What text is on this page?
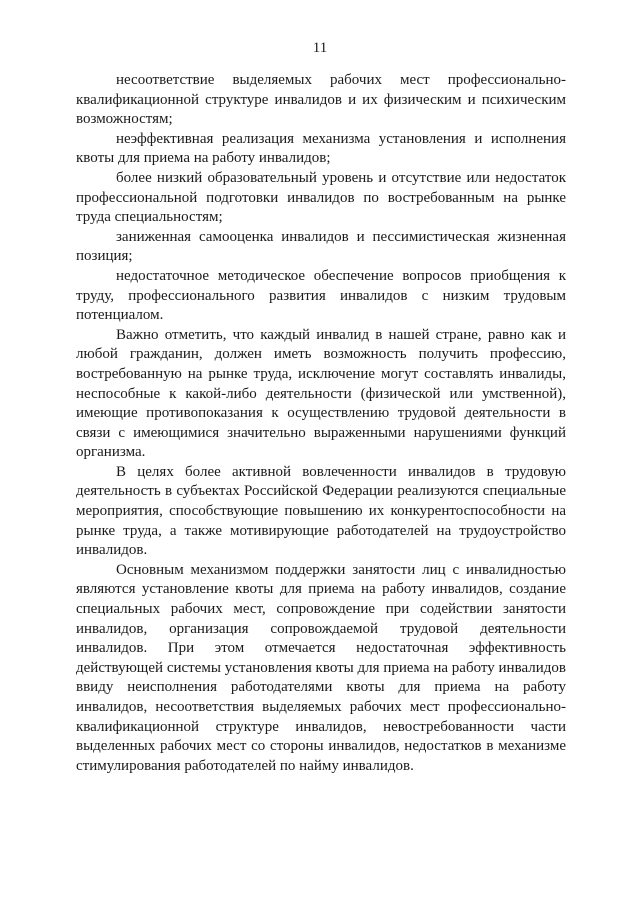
11

несоответствие выделяемых рабочих мест профессионально-квалификационной структуре инвалидов и их физическим и психическим возможностям;

неэффективная реализация механизма установления и исполнения квоты для приема на работу инвалидов;

более низкий образовательный уровень и отсутствие или недостаток профессиональной подготовки инвалидов по востребованным на рынке труда специальностям;

заниженная самооценка инвалидов и пессимистическая жизненная позиция;

недостаточное методическое обеспечение вопросов приобщения к труду, профессионального развития инвалидов с низким трудовым потенциалом.

Важно отметить, что каждый инвалид в нашей стране, равно как и любой гражданин, должен иметь возможность получить профессию, востребованную на рынке труда, исключение могут составлять инвалиды, неспособные к какой-либо деятельности (физической или умственной), имеющие противопоказания к осуществлению трудовой деятельности в связи с имеющимися значительно выраженными нарушениями функций организма.

В целях более активной вовлеченности инвалидов в трудовую деятельность в субъектах Российской Федерации реализуются специальные мероприятия, способствующие повышению их конкурентоспособности на рынке труда, а также мотивирующие работодателей на трудоустройство инвалидов.

Основным механизмом поддержки занятости лиц с инвалидностью являются установление квоты для приема на работу инвалидов, создание специальных рабочих мест, сопровождение при содействии занятости инвалидов, организация сопровождаемой трудовой деятельности инвалидов. При этом отмечается недостаточная эффективность действующей системы установления квоты для приема на работу инвалидов ввиду неисполнения работодателями квоты для приема на работу инвалидов, несоответствия выделяемых рабочих мест профессионально-квалификационной структуре инвалидов, невостребованности части выделенных рабочих мест со стороны инвалидов, недостатков в механизме стимулирования работодателей по найму инвалидов.
